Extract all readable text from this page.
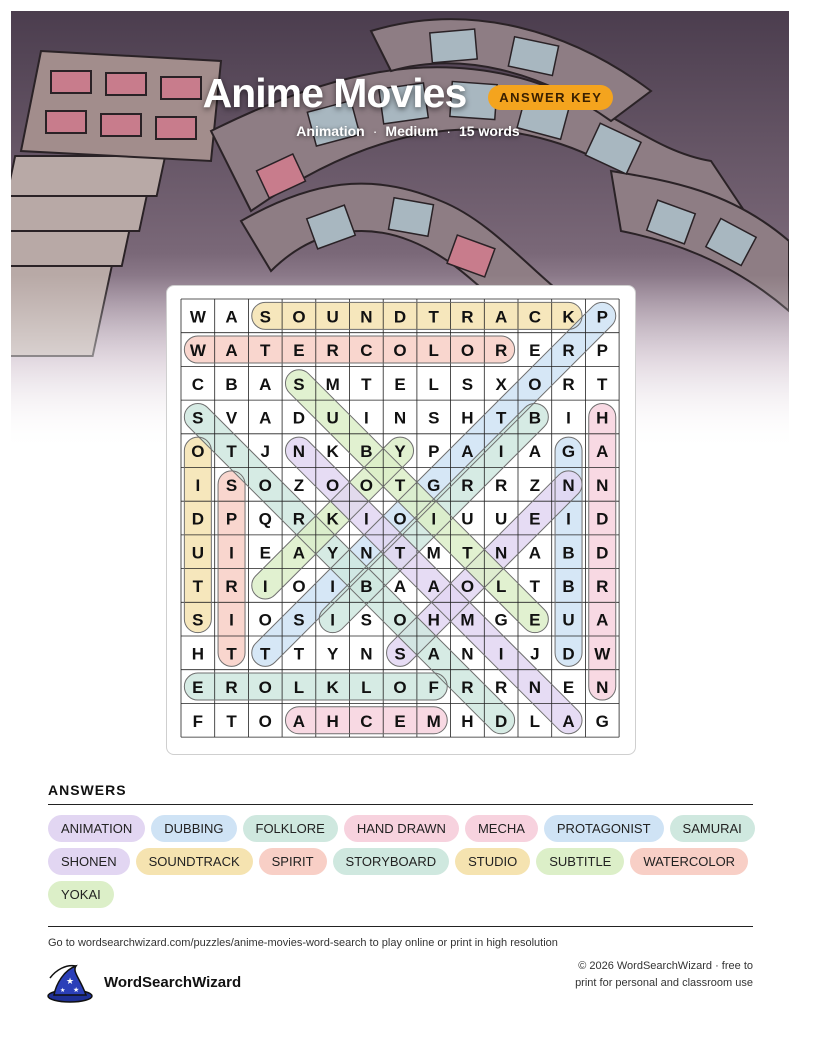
Anime Movies	ANSWER KEY
Animation · Medium · 15 words
W A S O U N D T R A C K P
W A T E R C O L O R E R P
C B A S M T E L S X O R T
S V A D U I N S H T B I H
O T J N K B Y P A I A G A
I S O Z O O T G R R Z N N
D P Q R K I O I U U E I D
U I E A Y N T M T N A B D
T R I O I B A A O L T B R
S I O S I S O H M G E U A
H T T T Y N S A N I J D W
E R O L K L O F R R N E N
F T O A H C E M H D L A G
ANSWERS
ANIMATION DUBBING FOLKLORE HAND DRAWN MECHA PROTAGONIST SAMURAISHONEN SOUNDTRACK SPIRIT STORYBOARD STUDIO SUBTITLE WATERCOLORYOKAI
Go to wordsearchwizard.com/puzzles/anime-movies-word-search to play online or print in high resolution
★
★
★	WordSearchWizard
© 2026 WordSearchWizard · free to print for personal and classroom use
